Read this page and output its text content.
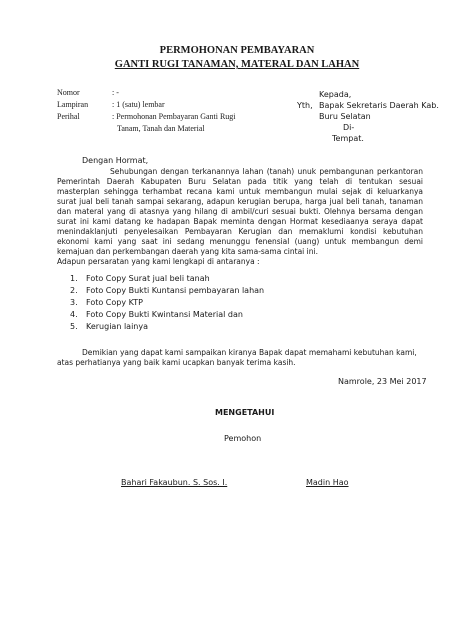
PERMOHONAN PEMBAYARAN
GANTI RUGI TANAMAN, MATERAL DAN LAHAN
Nomor	: -
Lampiran	: 1 (satu) lembar
Perihal	: Permohonan Pembayaran Ganti Rugi
Tanam, Tanah dan Material
Kepada,
Yth, Bapak Sekretaris Daerah Kab.
Buru Selatan
Di-
Tempat.
Dengan Hormat,
Sehubungan dengan terkanannya lahan (tanah) unuk pembangunan perkantoran
Pemerintah Daerah Kabupaten Buru Selatan pada titik yang telah di tentukan sesuai
masterplan sehingga terhambat recana kami untuk membangun mulai sejak di keluarkanya
surat jual beli tanah sampai sekarang, adapun kerugian berupa, harga jual beli tanah, tanaman
dan materal yang di atasnya yang hilang di ambil/curi sesuai bukti. Olehnya bersama dengan
surat ini kami datang ke hadapan Bapak meminta dengan Hormat kesediaanya seraya dapat
menindaklanjuti penyelesaikan Pembayaran Kerugian dan memaklumi kondisi kebutuhan
ekonomi kami yang saat ini sedang menunggu fenensial (uang) untuk membangun demi
kemajuan dan perkembangan daerah yang kita sama-sama cintai ini.
Adapun persaratan yang kami lengkapi di antaranya :
1. Foto Copy Surat jual beli tanah
2. Foto Copy Bukti Kuntansi pembayaran lahan
3. Foto Copy KTP
4. Foto Copy Bukti Kwintansi Material dan
5. Kerugian lainya
Demikian yang dapat kami sampaikan kiranya Bapak dapat memahami kebutuhan kami,
atas perhatianya yang baik kami ucapkan banyak terima kasih.
Namrole, 23 Mei 2017
MENGETAHUI
Pemohon
Bahari Fakaubun. S. Sos. I.	Madin Hao
